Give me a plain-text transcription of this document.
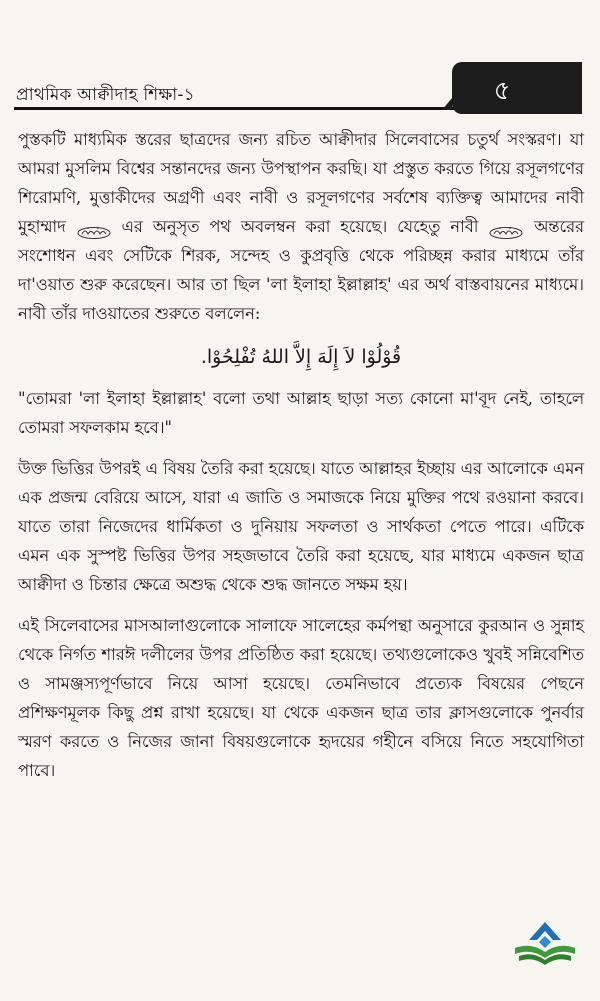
প্রাথমিক আক্বীদাহ শিক্ষা-১	৫

পুস্তকটি মাধ্যমিক স্তরের ছাত্রদের জন্য রচিত আক্বীদার সিলেবাসের চতুর্থ সংস্করণ। যা আমরা মুসলিম বিশ্বের সন্তানদের জন্য উপস্থাপন করছি। যা প্রস্তুত করতে গিয়ে রসূলগণের শিরোমণি, মুত্তাকীদের অগ্রণী এবং নাবী ও রসূলগণের সর্বশেষ ব্যক্তিত্ব আমাদের নাবী মুহাম্মাদ	এর অনুসৃত পথ অবলম্বন করা হয়েছে। যেহেতু নাবী	অন্তরের সংশোধন এবং সেটিকে শিরক, সন্দেহ ও কুপ্রবৃত্তি থেকে পরিচ্ছন্ন করার মাধ্যমে তাঁর দা'ওয়াত শুরু করেছেন। আর তা ছিল 'লা ইলাহা ইল্লাল্লাহ' এর অর্থ বাস্তবায়নের মাধ্যমে। নাবী তাঁর দাওয়াতের শুরুতে বললেন:

قُوْلُوْا لاَ إِلَهَ إِلاَّ اللهُ تُفْلِحُوْا.

"তোমরা 'লা ইলাহা ইল্লাল্লাহ' বলো তথা আল্লাহ ছাড়া সত্য কোনো মা'বূদ নেই, তাহলে তোমরা সফলকাম হবে।"

উক্ত ভিত্তির উপরই এ বিষয় তৈরি করা হয়েছে। যাতে আল্লাহর ইচ্ছায় এর আলোকে এমন এক প্রজন্ম বেরিয়ে আসে, যারা এ জাতি ও সমাজকে নিয়ে মুক্তির পথে রওয়ানা করবে। যাতে তারা নিজেদের ধার্মিকতা ও দুনিয়ায় সফলতা ও সার্থকতা পেতে পারে। এটিকে এমন এক সুস্পষ্ট ভিত্তির উপর সহজভাবে তৈরি করা হয়েছে, যার মাধ্যমে একজন ছাত্র আক্বীদা ও চিন্তার ক্ষেত্রে অশুদ্ধ থেকে শুদ্ধ জানতে সক্ষম হয়।

এই সিলেবাসের মাসআলাগুলোকে সালাফে সালেহের কর্মপন্থা অনুসারে কুরআন ও সুন্নাহ থেকে নির্গত শারঈ দলীলের উপর প্রতিষ্ঠিত করা হয়েছে। তথ্যগুলোকেও খুবই সন্নিবেশিত ও সামঞ্জস্যপূর্ণভাবে নিয়ে আসা হয়েছে। তেমনিভাবে প্রত্যেক বিষয়ের পেছনে প্রশিক্ষণমূলক কিছু প্রশ্ন রাখা হয়েছে। যা থেকে একজন ছাত্র তার ক্লাসগুলোকে পুনর্বার স্মরণ করতে ও নিজের জানা বিষয়গুলোকে হৃদয়ের গহীনে বসিয়ে নিতে সহযোগিতা পাবে।
